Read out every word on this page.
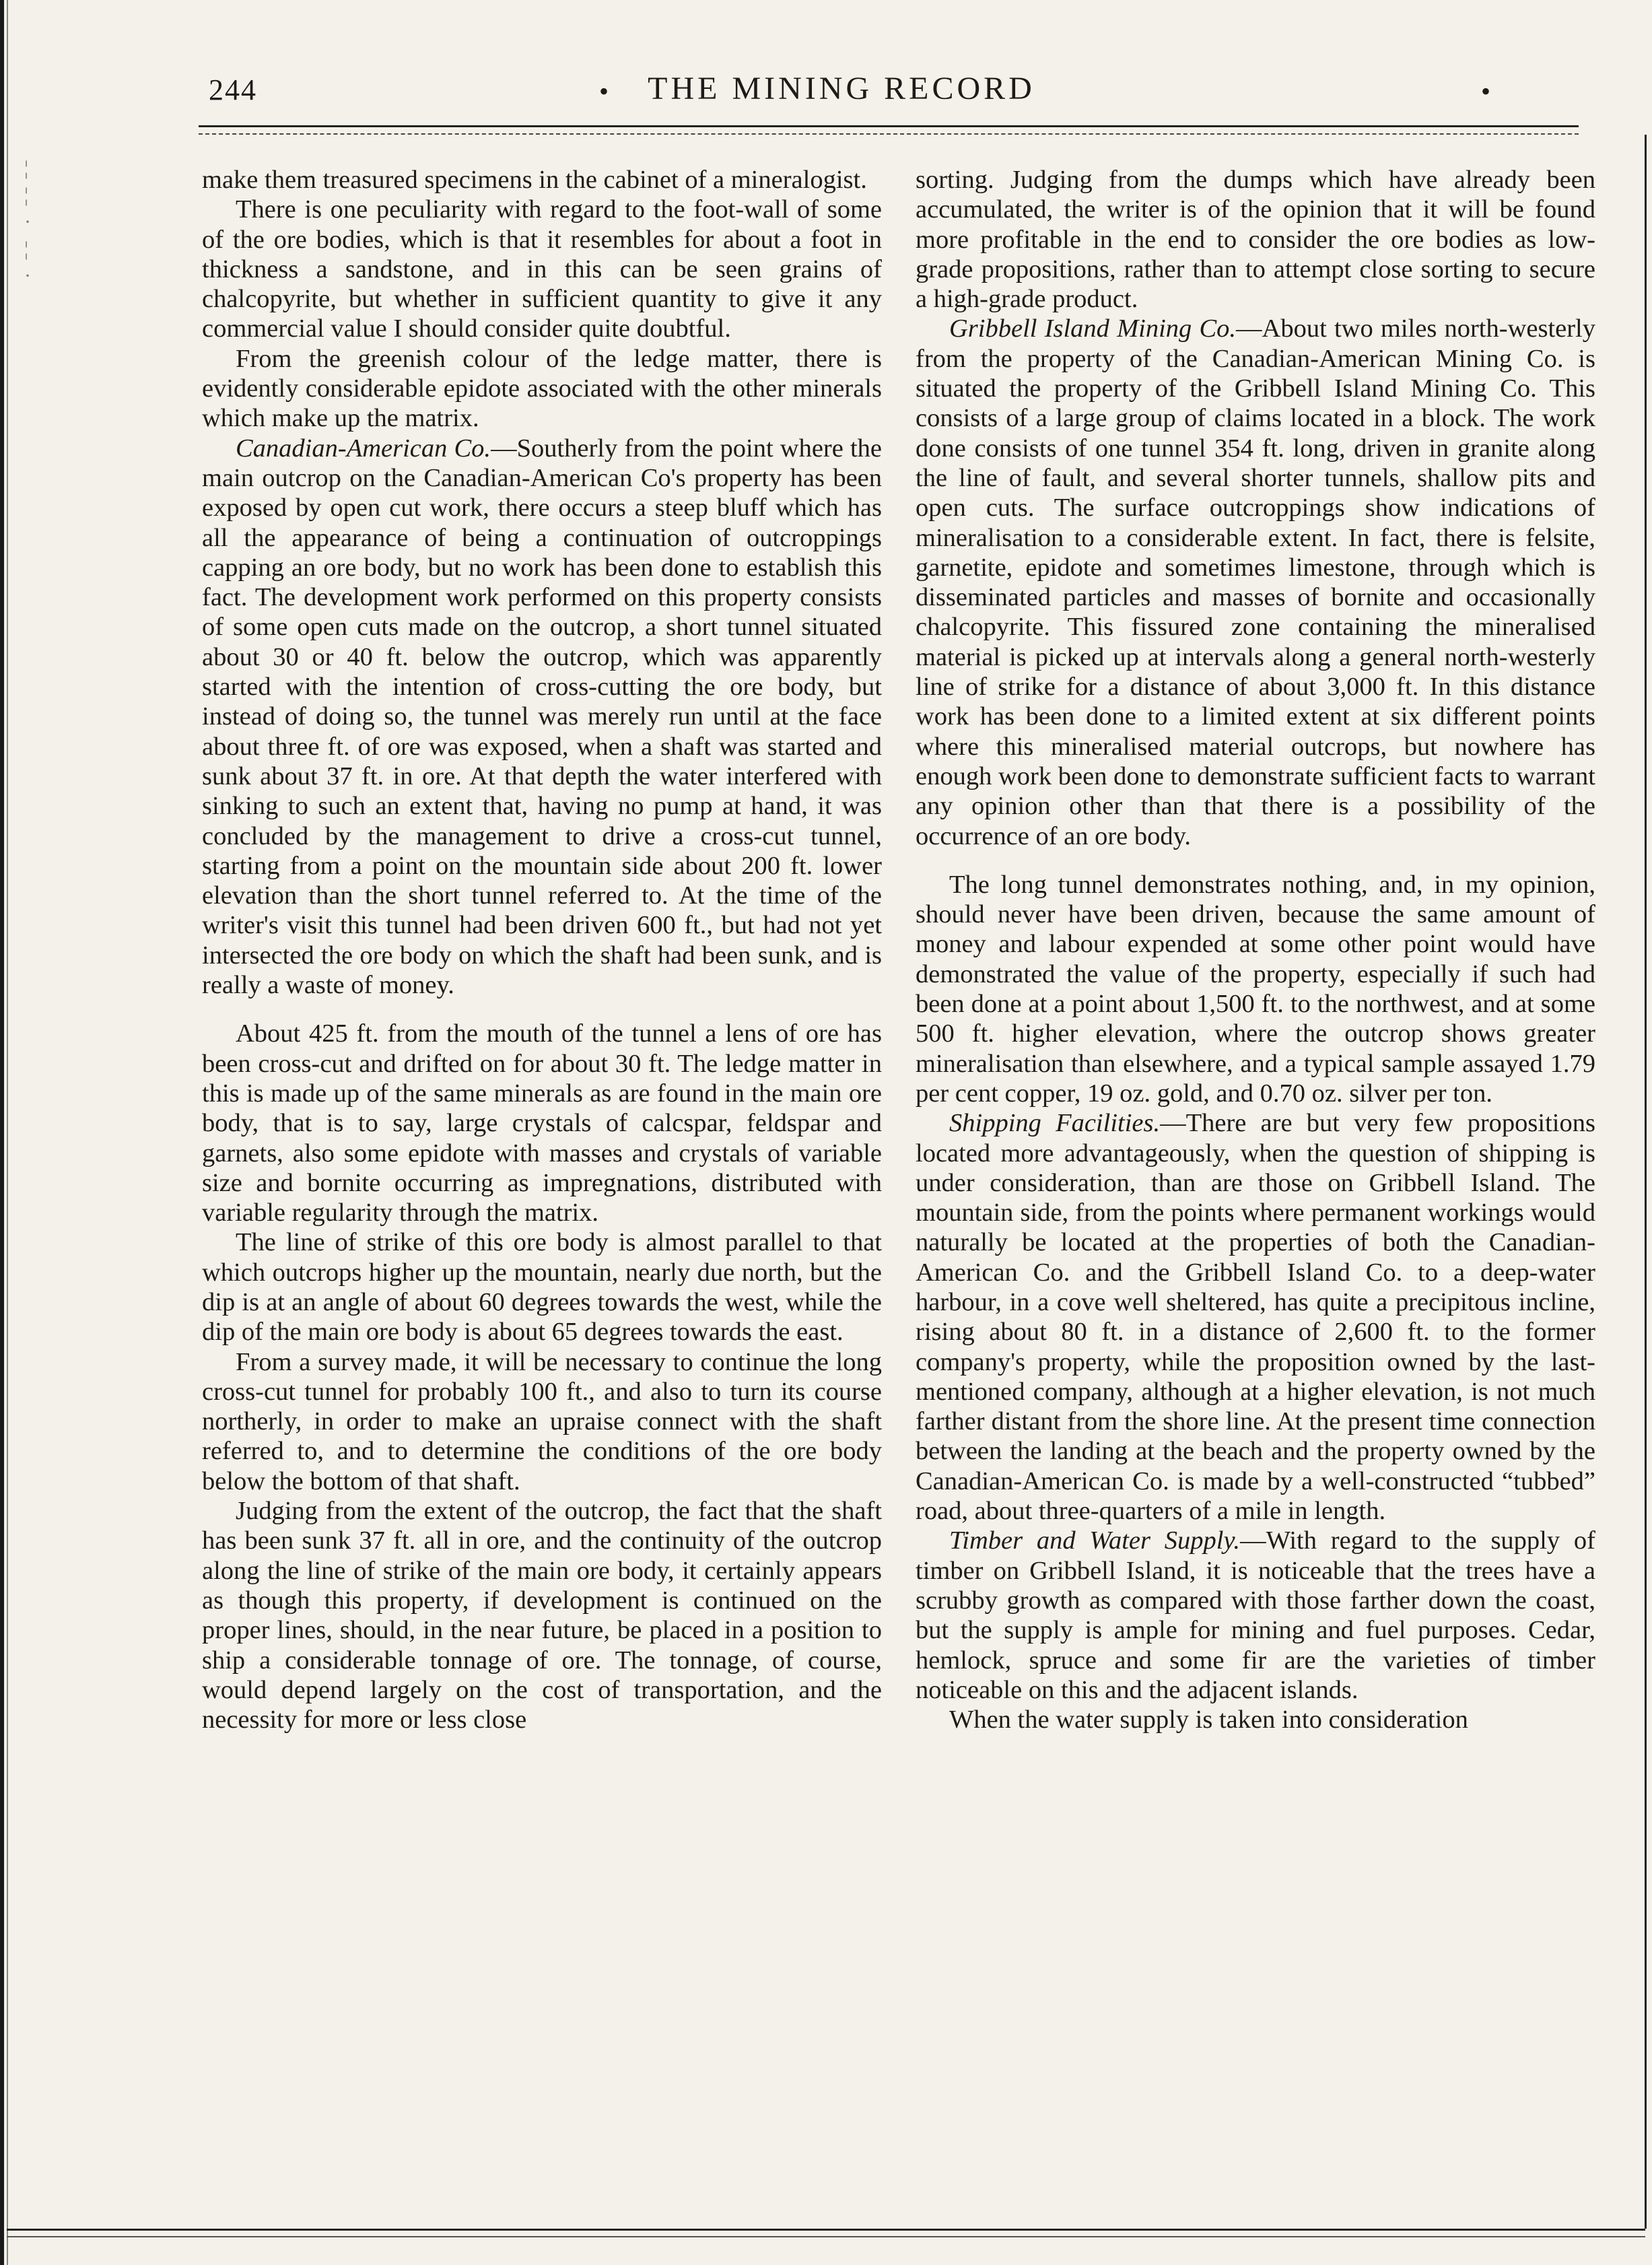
¦
¦
·
¦
·
244	•	THE MINING RECORD	•

make them treasured specimens in the cabinet of a mineralogist.

There is one peculiarity with regard to the foot-wall of some of the ore bodies, which is that it resembles for about a foot in thickness a sandstone, and in this can be seen grains of chalcopyrite, but whether in sufficient quantity to give it any commercial value I should consider quite doubtful.

From the greenish colour of the ledge matter, there is evidently considerable epidote associated with the other minerals which make up the matrix.

Canadian-American Co.—Southerly from the point where the main outcrop on the Canadian-American Co's property has been exposed by open cut work, there occurs a steep bluff which has all the appearance of being a continuation of outcroppings capping an ore body, but no work has been done to establish this fact. The development work performed on this property consists of some open cuts made on the outcrop, a short tunnel situated about 30 or 40 ft. below the outcrop, which was apparently started with the intention of cross-cutting the ore body, but instead of doing so, the tunnel was merely run until at the face about three ft. of ore was exposed, when a shaft was started and sunk about 37 ft. in ore. At that depth the water interfered with sinking to such an extent that, having no pump at hand, it was concluded by the management to drive a cross-cut tunnel, starting from a point on the mountain side about 200 ft. lower elevation than the short tunnel referred to. At the time of the writer's visit this tunnel had been driven 600 ft., but had not yet intersected the ore body on which the shaft had been sunk, and is really a waste of money.

About 425 ft. from the mouth of the tunnel a lens of ore has been cross-cut and drifted on for about 30 ft. The ledge matter in this is made up of the same minerals as are found in the main ore body, that is to say, large crystals of calcspar, feldspar and garnets, also some epidote with masses and crystals of variable size and bornite occurring as impregnations, distributed with variable regularity through the matrix.

The line of strike of this ore body is almost parallel to that which outcrops higher up the mountain, nearly due north, but the dip is at an angle of about 60 degrees towards the west, while the dip of the main ore body is about 65 degrees towards the east.

From a survey made, it will be necessary to continue the long cross-cut tunnel for probably 100 ft., and also to turn its course northerly, in order to make an upraise connect with the shaft referred to, and to determine the conditions of the ore body below the bottom of that shaft.

Judging from the extent of the outcrop, the fact that the shaft has been sunk 37 ft. all in ore, and the continuity of the outcrop along the line of strike of the main ore body, it certainly appears as though this property, if development is continued on the proper lines, should, in the near future, be placed in a position to ship a considerable tonnage of ore. The tonnage, of course, would depend largely on the cost of transportation, and the necessity for more or less close

sorting. Judging from the dumps which have already been accumulated, the writer is of the opinion that it will be found more profitable in the end to consider the ore bodies as low-grade propositions, rather than to attempt close sorting to secure a high-grade product.

Gribbell Island Mining Co.—About two miles north-westerly from the property of the Canadian-American Mining Co. is situated the property of the Gribbell Island Mining Co. This consists of a large group of claims located in a block. The work done consists of one tunnel 354 ft. long, driven in granite along the line of fault, and several shorter tunnels, shallow pits and open cuts. The surface outcroppings show indications of mineralisation to a considerable extent. In fact, there is felsite, garnetite, epidote and sometimes limestone, through which is disseminated particles and masses of bornite and occasionally chalcopyrite. This fissured zone containing the mineralised material is picked up at intervals along a general north-westerly line of strike for a distance of about 3,000 ft. In this distance work has been done to a limited extent at six different points where this mineralised material outcrops, but nowhere has enough work been done to demonstrate sufficient facts to warrant any opinion other than that there is a possibility of the occurrence of an ore body.

The long tunnel demonstrates nothing, and, in my opinion, should never have been driven, because the same amount of money and labour expended at some other point would have demonstrated the value of the property, especially if such had been done at a point about 1,500 ft. to the northwest, and at some 500 ft. higher elevation, where the outcrop shows greater mineralisation than elsewhere, and a typical sample assayed 1.79 per cent copper, 19 oz. gold, and 0.70 oz. silver per ton.

Shipping Facilities.—There are but very few propositions located more advantageously, when the question of shipping is under consideration, than are those on Gribbell Island. The mountain side, from the points where permanent workings would naturally be located at the properties of both the Canadian-American Co. and the Gribbell Island Co. to a deep-water harbour, in a cove well sheltered, has quite a precipitous incline, rising about 80 ft. in a distance of 2,600 ft. to the former company's property, while the proposition owned by the last-mentioned company, although at a higher elevation, is not much farther distant from the shore line. At the present time connection between the landing at the beach and the property owned by the Canadian-American Co. is made by a well-constructed “tubbed” road, about three-quarters of a mile in length.

Timber and Water Supply.—With regard to the supply of timber on Gribbell Island, it is noticeable that the trees have a scrubby growth as compared with those farther down the coast, but the supply is ample for mining and fuel purposes. Cedar, hemlock, spruce and some fir are the varieties of timber noticeable on this and the adjacent islands.

When the water supply is taken into consideration
